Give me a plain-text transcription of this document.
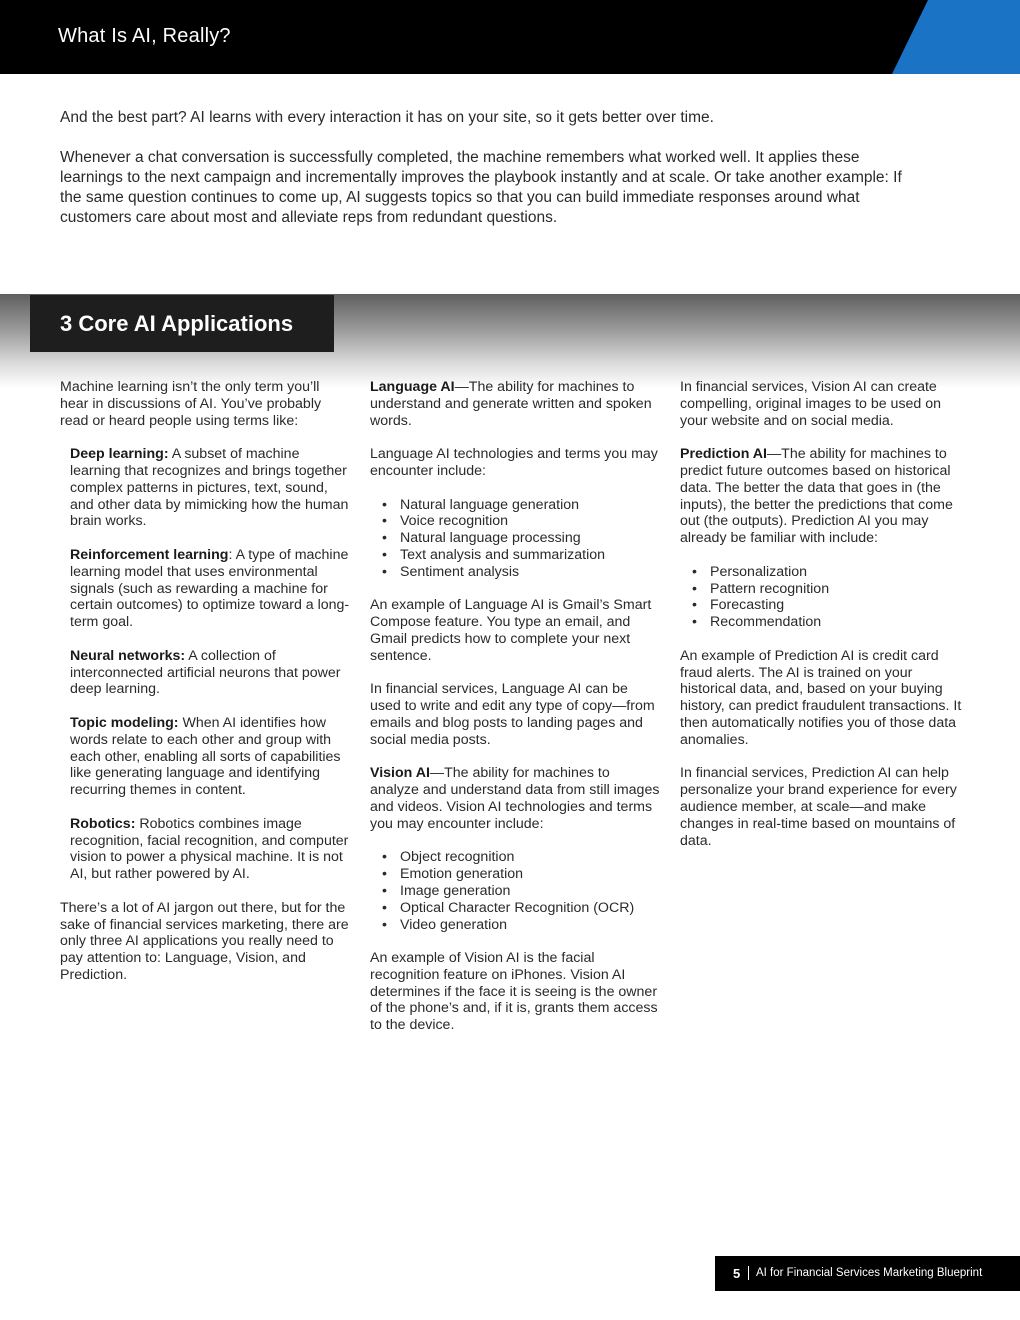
What Is AI, Really?

And the best part? AI learns with every interaction it has on your site, so it gets better over time.

Whenever a chat conversation is successfully completed, the machine remembers what worked well. It applies these learnings to the next campaign and incrementally improves the playbook instantly and at scale. Or take another example: If the same question continues to come up, AI suggests topics so that you can build immediate responses around what customers care about most and alleviate reps from redundant questions.

3 Core AI Applications

Machine learning isn’t the only term you’ll hear in discussions of AI. You’ve probably read or heard people using terms like:

Deep learning: A subset of machine learning that recognizes and brings together complex patterns in pictures, text, sound, and other data by mimicking how the human brain works.

Reinforcement learning: A type of machine learning model that uses environmental signals (such as rewarding a machine for certain outcomes) to optimize toward a long-term goal.

Neural networks: A collection of interconnected artificial neurons that power deep learning.

Topic modeling: When AI identifies how words relate to each other and group with each other, enabling all sorts of capabilities like generating language and identifying recurring themes in content.

Robotics: Robotics combines image recognition, facial recognition, and computer vision to power a physical machine. It is not AI, but rather powered by AI.

There’s a lot of AI jargon out there, but for the sake of financial services marketing, there are only three AI applications you really need to pay attention to: Language, Vision, and Prediction.

Language AI—The ability for machines to understand and generate written and spoken words.

Language AI technologies and terms you may encounter include:

• Natural language generation
• Voice recognition
• Natural language processing
• Text analysis and summarization
• Sentiment analysis

An example of Language AI is Gmail’s Smart Compose feature. You type an email, and Gmail predicts how to complete your next sentence.

In financial services, Language AI can be used to write and edit any type of copy—from emails and blog posts to landing pages and social media posts.

Vision AI—The ability for machines to analyze and understand data from still images and videos. Vision AI technologies and terms you may encounter include:

• Object recognition
• Emotion generation
• Image generation
• Optical Character Recognition (OCR)
• Video generation

An example of Vision AI is the facial recognition feature on iPhones. Vision AI determines if the face it is seeing is the owner of the phone’s and, if it is, grants them access to the device.

In financial services, Vision AI can create compelling, original images to be used on your website and on social media.

Prediction AI—The ability for machines to predict future outcomes based on historical data. The better the data that goes in (the inputs), the better the predictions that come out (the outputs). Prediction AI you may already be familiar with include:

• Personalization
• Pattern recognition
• Forecasting
• Recommendation

An example of Prediction AI is credit card fraud alerts. The AI is trained on your historical data, and, based on your buying history, can predict fraudulent transactions. It then automatically notifies you of those data anomalies.

In financial services, Prediction AI can help personalize your brand experience for every audience member, at scale—and make changes in real-time based on mountains of data.

5 AI for Financial Services Marketing Blueprint
